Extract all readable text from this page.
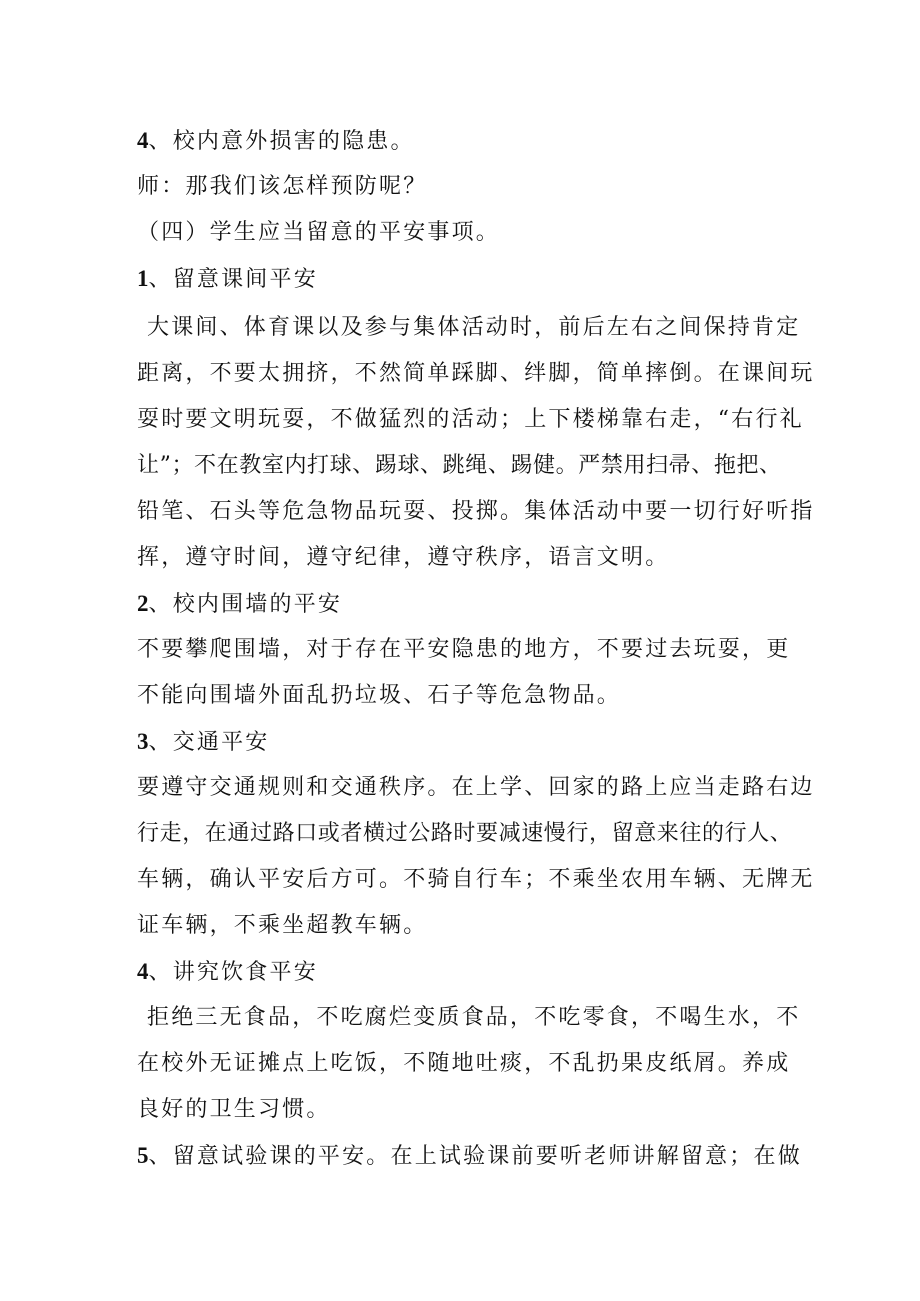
4、校内意外损害的隐患。
师：那我们该怎样预防呢？
（四）学生应当留意的平安事项。
1、留意课间平安
大课间、体育课以及参与集体活动时，前后左右之间保持肯定
距离，不要太拥挤，不然简单踩脚、绊脚，简单摔倒。在课间玩
耍时要文明玩耍，不做猛烈的活动；上下楼梯靠右走，“右行礼
让”；不在教室内打球、踢球、跳绳、踢健。严禁用扫帚、拖把、
铅笔、石头等危急物品玩耍、投掷。集体活动中要一切行好听指
挥，遵守时间，遵守纪律，遵守秩序，语言文明。
2、校内围墙的平安
不要攀爬围墙，对于存在平安隐患的地方，不要过去玩耍，更
不能向围墙外面乱扔垃圾、石子等危急物品。
3、交通平安
要遵守交通规则和交通秩序。在上学、回家的路上应当走路右边
行走，在通过路口或者横过公路时要减速慢行，留意来往的行人、
车辆，确认平安后方可。不骑自行车；不乘坐农用车辆、无牌无
证车辆，不乘坐超教车辆。
4、讲究饮食平安
拒绝三无食品，不吃腐烂变质食品，不吃零食，不喝生水，不
在校外无证摊点上吃饭，不随地吐痰，不乱扔果皮纸屑。养成
良好的卫生习惯。
5、留意试验课的平安。在上试验课前要听老师讲解留意；在做
